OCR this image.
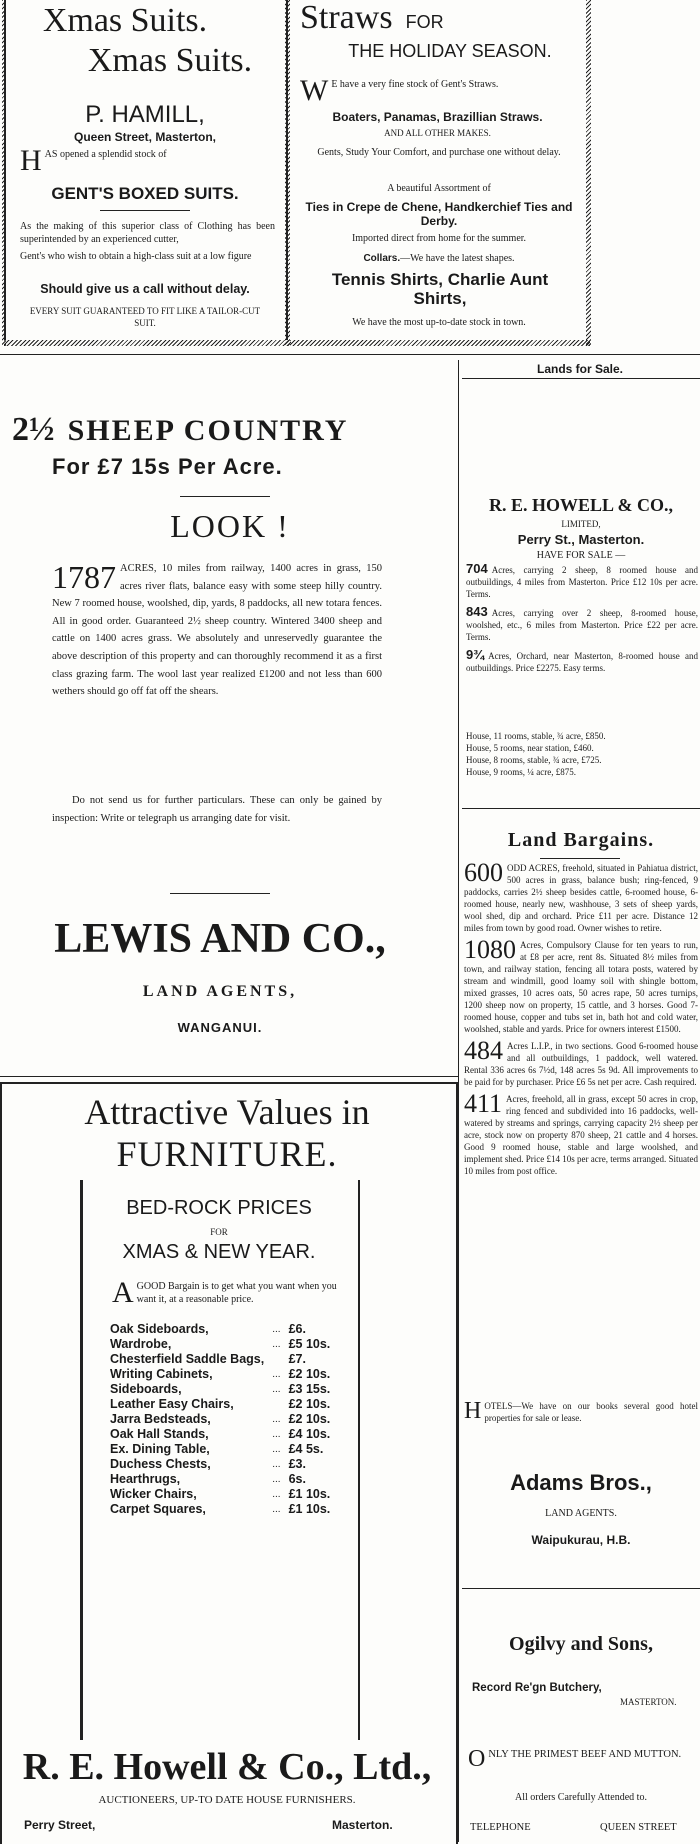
Xmas Suits.
Xmas Suits.
P. HAMILL,
Queen Street, Masterton,
H AS opened a splendid stock of
GENT'S BOXED SUITS.
As the making of this superior class of Clothing has been superintended by an experienced cutter,
Gent's who wish to obtain a high-class suit at a low figure
Should give us a call without delay.
EVERY SUIT GUARANTEED TO FIT LIKE A TAILOR-CUT SUIT.
Straws FOR
THE HOLIDAY SEASON.
W E have a very fine stock of Gent's Straws.
Boaters, Panamas, Brazillian Straws.
AND ALL OTHER MAKES.
Gents, Study Your Comfort, and purchase one without delay.
A beautiful Assortment of
Ties in Crepe de Chene, Handkerchief Ties and Derby.
Imported direct from home for the summer.
Collars.—We have the latest shapes.
Tennis Shirts, Charlie Aunt Shirts,
We have the most up-to-date stock in town.
2½ SHEEP COUNTRY
For £7 15s Per Acre.
LOOK !
1787 ACRES, 10 miles from railway, 1400 acres in grass, 150 acres river flats, balance easy with some steep hilly country. New 7 roomed house, woolshed, dip, yards, 8 paddocks, all new totara fences. All in good order. Guaranteed 2½ sheep country. Wintered 3400 sheep and cattle on 1400 acres grass. We absolutely and unreservedly guarantee the above description of this property and can thoroughly recommend it as a first class grazing farm. The wool last year realized £1200 and not less than 600 wethers should go off fat off the shears.
Do not send us for further particulars. These can only be gained by inspection: Write or telegraph us arranging date for visit.
LEWIS AND CO.,
LAND AGENTS,
WANGANUI.
Attractive Values in
FURNITURE.
BED-ROCK PRICES
FOR
XMAS & NEW YEAR.
A GOOD Bargain is to get what you want when you want it, at a reasonable price.
Oak Sideboards,	...	£6.
Wardrobe,	...	£5 10s.
Chesterfield Saddle Bags,		£7.
Writing Cabinets,	...	£2 10s.
Sideboards,	...	£3 15s.
Leather Easy Chairs,		£2 10s.
Jarra Bedsteads,	...	£2 10s.
Oak Hall Stands,	...	£4 10s.
Ex. Dining Table,	...	£4 5s.
Duchess Chests,	...	£3.
Hearthrugs,	...	6s.
Wicker Chairs,	...	£1 10s.
Carpet Squares,	...	£1 10s.
R. E. Howell & Co., Ltd.,
AUCTIONEERS, UP-TO DATE HOUSE FURNISHERS.
Perry Street,	Masterton.
Lands for Sale.
R. E. HOWELL & CO.,
LIMITED,
Perry St., Masterton.
HAVE FOR SALE —
704 Acres, carrying 2 sheep, 8 roomed house and outbuildings, 4 miles from Masterton. Price £12 10s per acre. Terms.
843 Acres, carrying over 2 sheep, 8-roomed house, woolshed, etc., 6 miles from Masterton. Price £22 per acre. Terms.
9¾ Acres, Orchard, near Masterton, 8-roomed house and outbuildings. Price £2275. Easy terms.
House, 11 rooms, stable, ¾ acre, £850.
House, 5 rooms, near station, £460.
House, 8 rooms, stable, ¾ acre, £725.
House, 9 rooms, ¼ acre, £875.
Land Bargains.
600 ODD ACRES, freehold, situated in Pahiatua district, 500 acres in grass, balance bush; ring-fenced, 9 paddocks, carries 2½ sheep besides cattle, 6-roomed house, 6-roomed house, nearly new, washhouse, 3 sets of sheep yards, wool shed, dip and orchard. Price £11 per acre. Distance 12 miles from town by good road. Owner wishes to retire.
1080 Acres, Compulsory Clause for ten years to run, at £8 per acre, rent 8s. Situated 8½ miles from town, and railway station, fencing all totara posts, watered by stream and windmill, good loamy soil with shingle bottom, mixed grasses, 10 acres oats, 50 acres rape, 50 acres turnips, 1200 sheep now on property, 15 cattle, and 3 horses. Good 7-roomed house, copper and tubs set in, bath hot and cold water, woolshed, stable and yards. Price for owners interest £1500.
484 Acres L.I.P., in two sections. Good 6-roomed house and all outbuildings, 1 paddock, well watered. Rental 336 acres 6s 7½d, 148 acres 5s 9d. All improvements to be paid for by purchaser. Price £6 5s net per acre. Cash required.
411 Acres, freehold, all in grass, except 50 acres in crop, ring fenced and subdivided into 16 paddocks, well-watered by streams and springs, carrying capacity 2½ sheep per acre, stock now on property 870 sheep, 21 cattle and 4 horses. Good 9 roomed house, stable and large woolshed, and implement shed. Price £14 10s per acre, terms arranged. Situated 10 miles from post office.
H OTELS—We have on our books several good hotel properties for sale or lease.
Adams Bros.,
LAND AGENTS.
Waipukurau, H.B.
Ogilvy and Sons,
Record Re'gn Butchery,
MASTERTON.
O NLY THE PRIMEST BEEF AND MUTTON.
All orders Carefully Attended to.
TELEPHONE	QUEEN STREET
